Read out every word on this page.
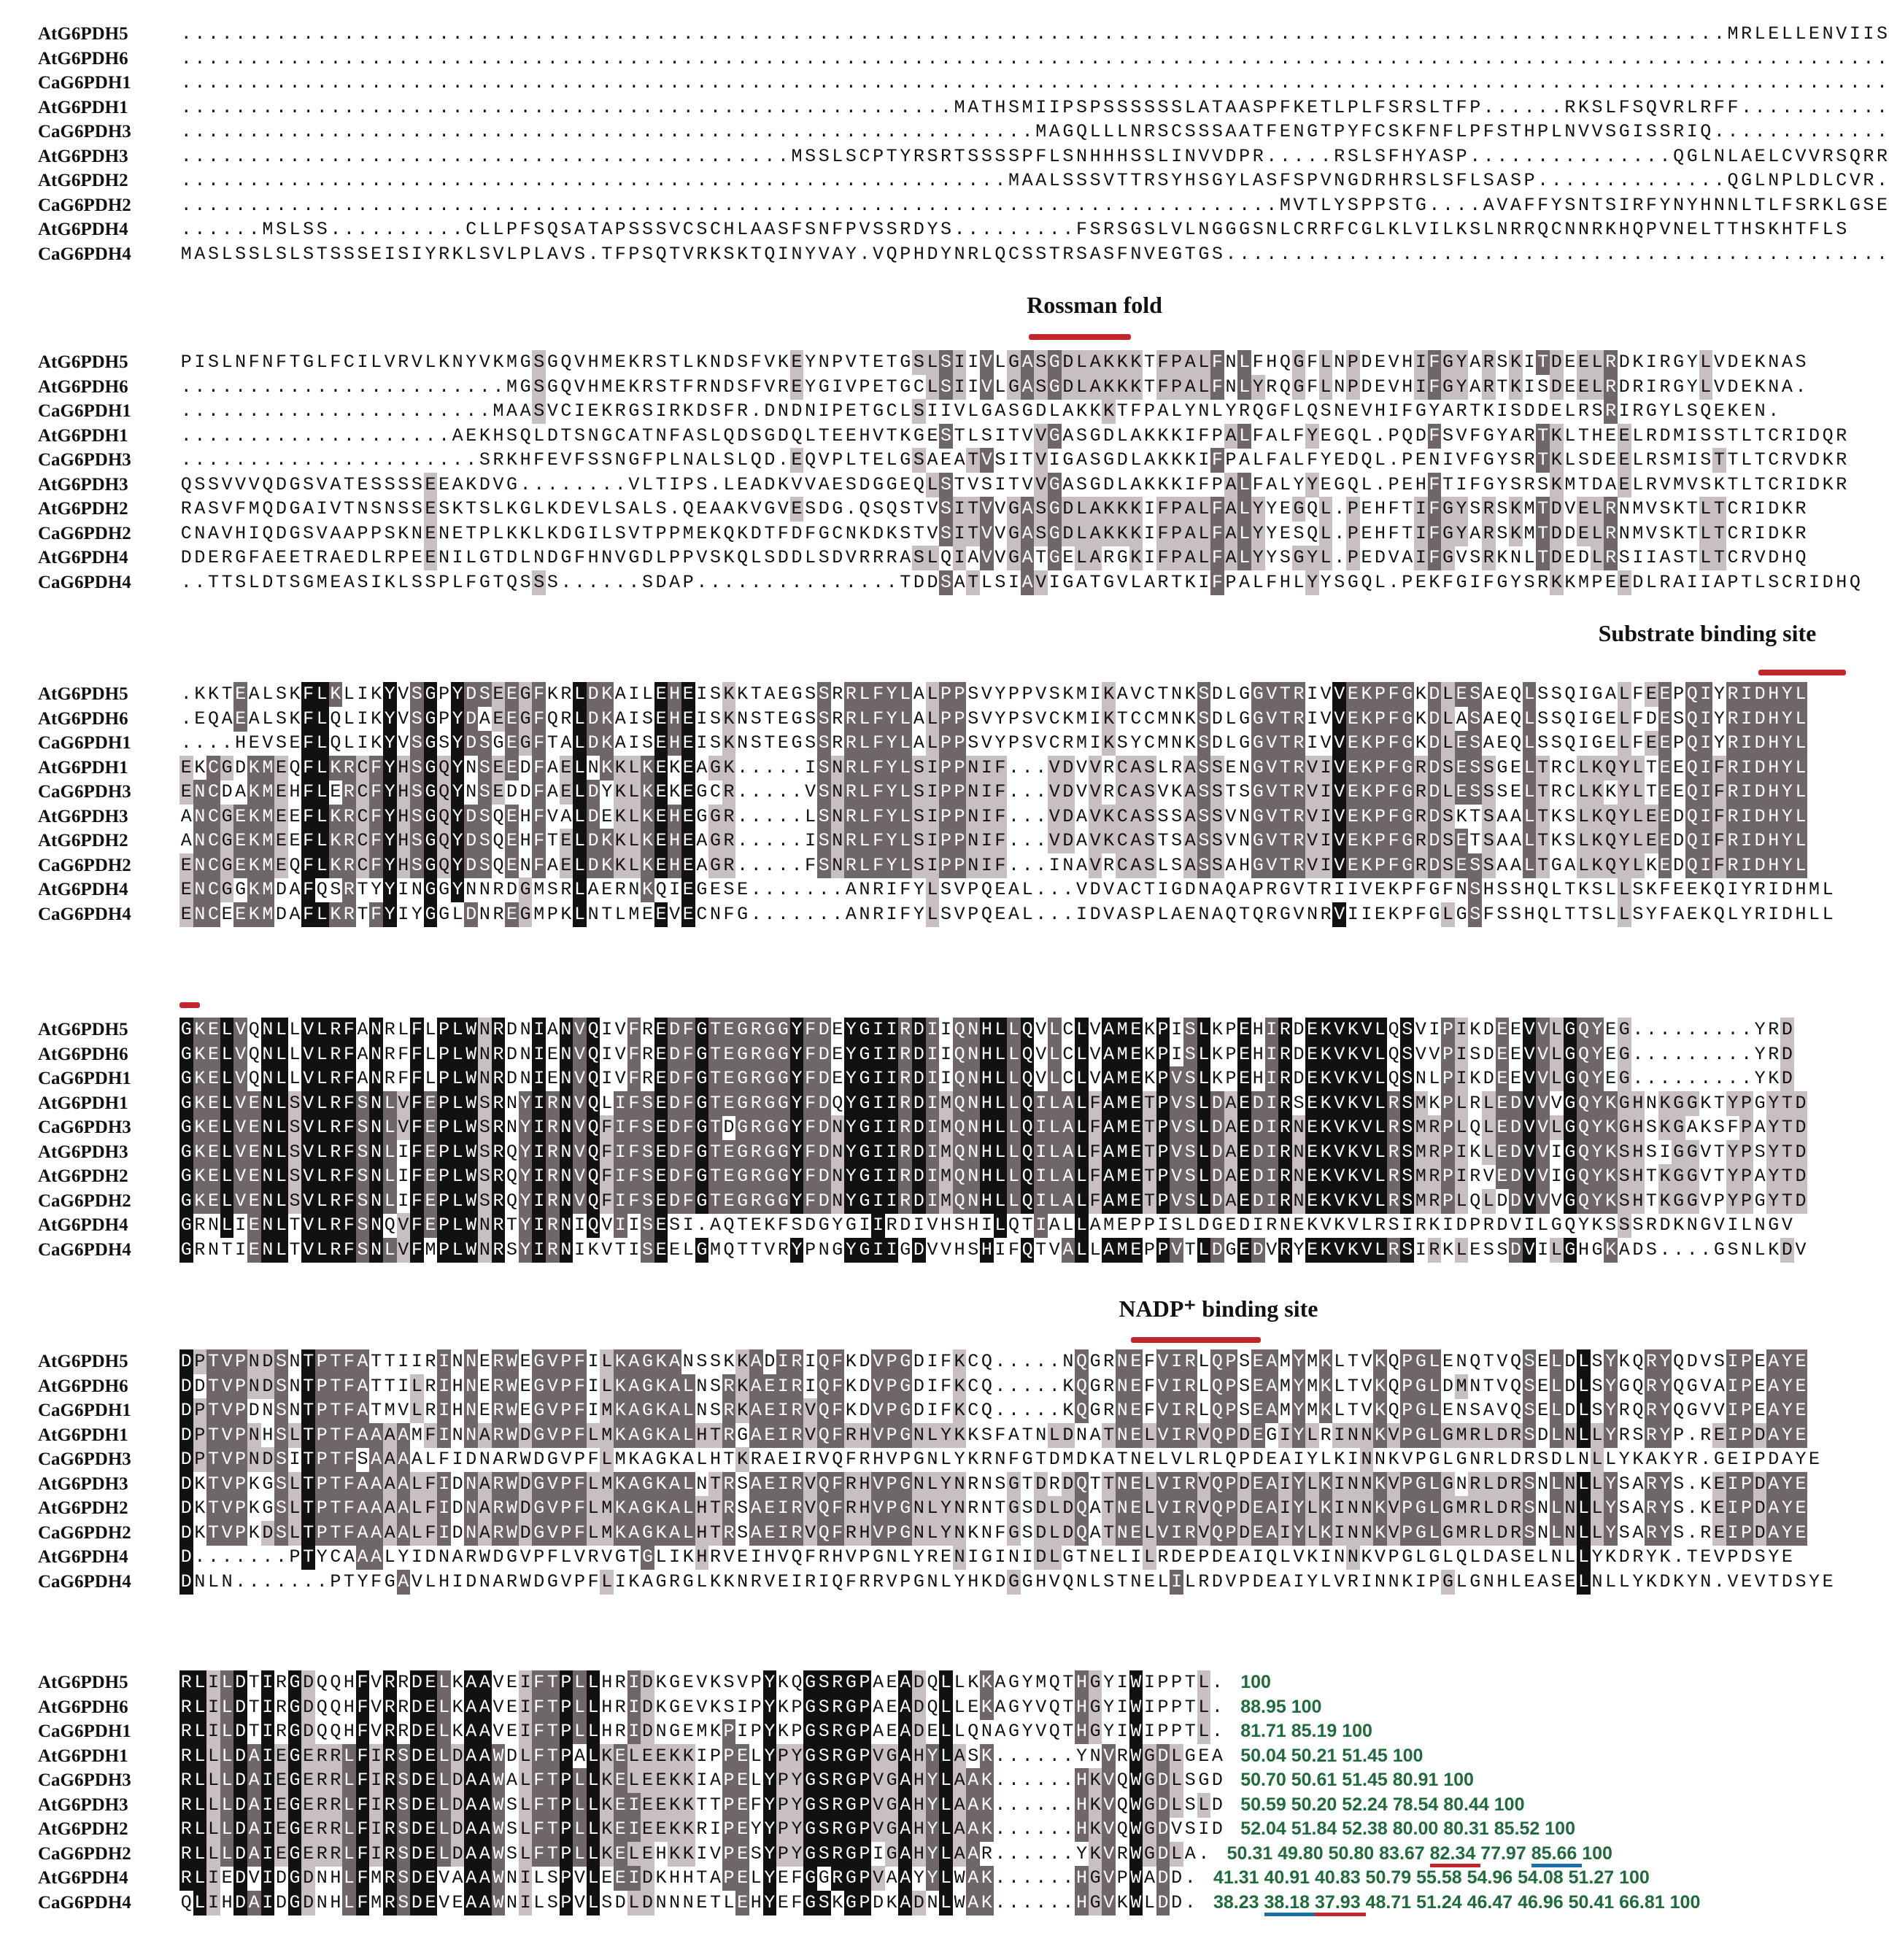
AtG6PDH5	. . . . . . . . . . . . . . . . . . . . . . . . . . . . . . . . . . . . . . . . . . . . . . . . . . . . . . . . . . . . . . . . . . . . . . . . . . . . . . . . . . . . . . . . . . . . . . . . . . . . . . . . . . . . . . . . . . M R L E L L E N V I I S
AtG6PDH6	. . . . . . . . . . . . . . . . . . . . . . . . . . . . . . . . . . . . . . . . . . . . . . . . . . . . . . . . . . . . . . . . . . . . . . . . . . . . . . . . . . . . . . . . . . . . . . . . . . . . . . . . . . . . . . . . . . . . . . . . . . . . . .
CaG6PDH1	. . . . . . . . . . . . . . . . . . . . . . . . . . . . . . . . . . . . . . . . . . . . . . . . . . . . . . . . . . . . . . . . . . . . . . . . . . . . . . . . . . . . . . . . . . . . . . . . . . . . . . . . . . . . . . . . . . . . . . . . . . . . . .
AtG6PDH1	. . . . . . . . . . . . . . . . . . . . . . . . . . . . . . . . . . . . . . . . . . . . . . . . . . . . . . . . . M A T H S M I I P S P S S S S S S L A T A A S P F K E T L P L F S R S L T F P . . . . . . R K S L F S Q V R L R F F . . . . . . . . . . .
CaG6PDH3	. . . . . . . . . . . . . . . . . . . . . . . . . . . . . . . . . . . . . . . . . . . . . . . . . . . . . . . . . . . . . . . M A G Q L L L N R S C S S S A A T F E N G T P Y F C S K F N F L P F S T H P L N V V S G I S S R I Q . . . . . . . . . . . . .
AtG6PDH3	. . . . . . . . . . . . . . . . . . . . . . . . . . . . . . . . . . . . . . . . . . . . . M S S L S C P T Y R S R T S S S S P F L S N H H H S S L I N V V D P R . . . . . R S L S F H Y A S P . . . . . . . . . . . . . . . Q G L N L A E L C V V R S Q R R
AtG6PDH2	. . . . . . . . . . . . . . . . . . . . . . . . . . . . . . . . . . . . . . . . . . . . . . . . . . . . . . . . . . . . . M A A L S S S V T T R S Y H S G Y L A S F S P V N G D R H R S L S F L S A S P . . . . . . . . . . . . . . Q G L N P L D L C V R .
CaG6PDH2	. . . . . . . . . . . . . . . . . . . . . . . . . . . . . . . . . . . . . . . . . . . . . . . . . . . . . . . . . . . . . . . . . . . . . . . . . . . . . . . . . M V T L Y S P P S T G . . . . A V A F F Y S N T S I R F Y N Y H N N L T L F S R K L G S E
AtG6PDH4	. . . . . . M S L S S . . . . . . . . . . C L L P F S Q S A T A P S S S V C S C H L A A S F S N F P V S S R D Y S . . . . . . . . . F S R S G S L V L N G G G S N L C R R F C G L K L V I L K S L N R R Q C N N R K H Q P V N E L T T H S K H T F L S
CaG6PDH4	M A S L S S L S L S T S S S E I S I Y R K L S V L P L A V S . T F P S Q T V R K S K T Q I N Y V A Y . V Q P H D Y N R L Q C S S T R S A S F N V E G T G S . . . . . . . . . . . . . . . . . . . . . . . . . . . . . . . . . . . . . . . . . . . . . . . . .
AtG6PDH5	P I S L N F N F T G L F C I L V R V L K N Y V K M G S G Q V H M E K R S T L K N D S F V K E Y N P V T E T G S L S I I V L G A S G D L A K K K T F P A L F N L F H Q G F L N P D E V H I F G Y A R S K I T D E E L R D K I R G Y L V D E K N A S
AtG6PDH6	. . . . . . . . . . . . . . . . . . . . . . . . M G S G Q V H M E K R S T F R N D S F V R E Y G I V P E T G C L S I I V L G A S G D L A K K K T F P A L F N L Y R Q G F L N P D E V H I F G Y A R T K I S D E E L R D R I R G Y L V D E K N A .
CaG6PDH1	. . . . . . . . . . . . . . . . . . . . . . . M A A S V C I E K R G S I R K D S F R . D N D N I P E T G C L S I I V L G A S G D L A K K K T F P A L Y N L Y R Q G F L Q S N E V H I F G Y A R T K I S D D E L R S R I R G Y L S Q E K E N .
AtG6PDH1	. . . . . . . . . . . . . . . . . . . . A E K H S Q L D T S N G C A T N F A S L Q D S G D Q L T E E H V T K G E S T L S I T V V G A S G D L A K K K I F P A L F A L F Y E G Q L . P Q D F S V F G Y A R T K L T H E E L R D M I S S T L T C R I D Q R
CaG6PDH3	. . . . . . . . . . . . . . . . . . . . . . S R K H F E V F S S N G F P L N A L S L Q D . E Q V P L T E L G S A E A T V S I T V I G A S G D L A K K K I F P A L F A L F Y E D Q L . P E N I V F G Y S R T K L S D E E L R S M I S T T L T C R V D K R
AtG6PDH3	Q S S V V V Q D G S V A T E S S S S E E A K D V G . . . . . . . . V L T I P S . L E A D K V V A E S D G G E Q L S T V S I T V V G A S G D L A K K K I F P A L F A L Y Y E G Q L . P E H F T I F G Y S R S K M T D A E L R V M V S K T L T C R I D K R
AtG6PDH2	R A S V F M Q D G A I V T N S N S S E S K T S L K G L K D E V L S A L S . Q E A A K V G V E S D G . Q S Q S T V S I T V V G A S G D L A K K K I F P A L F A L Y Y E G Q L . P E H F T I F G Y S R S K M T D V E L R N M V S K T L T C R I D K R
CaG6PDH2	C N A V H I Q D G S V A A P P S K N E N E T P L K K L K D G I L S V T P P M E K Q K D T F D F G C N K D K S T V S I T V V G A S G D L A K K K I F P A L F A L Y Y E S Q L . P E H F T I F G Y A R S K M T D D E L R N M V S K T L T C R I D K R
AtG6PDH4	D D E R G F A E E T R A E D L R P E E N I L G T D L N D G F H N V G D L P P V S K Q L S D D L S D V R R R A S L Q I A V V G A T G E L A R G K I F P A L F A L Y Y S G Y L . P E D V A I F G V S R K N L T D E D L R S I I A S T L T C R V D H Q
CaG6PDH4	. . T T S L D T S G M E A S I K L S S P L F G T Q S S S . . . . . . S D A P . . . . . . . . . . . . . . . T D D S A T L S I A V I G A T G V L A R T K I F P A L F H L Y Y S G Q L . P E K F G I F G Y S R K K M P E E D L R A I I A P T L S C R I D H Q
AtG6PDH5	. K K T E A L S K F L K L I K Y V S G P Y D S E E G F K R L D K A I L E H E I S K K T A E G S S R R L F Y L A L P P S V Y P P V S K M I K A V C T N K S D L G G V T R I V V E K P F G K D L E S A E Q L S S Q I G A L F E E P Q I Y R I D H Y L
AtG6PDH6	. E Q A E A L S K F L Q L I K Y V S G P Y D A E E G F Q R L D K A I S E H E I S K N S T E G S S R R L F Y L A L P P S V Y P S V C K M I K T C C M N K S D L G G V T R I V V E K P F G K D L A S A E Q L S S Q I G E L F D E S Q I Y R I D H Y L
CaG6PDH1	. . . . H E V S E F L Q L I K Y V S G S Y D S G E G F T A L D K A I S E H E I S K N S T E G S S R R L F Y L A L P P S V Y P S V C R M I K S Y C M N K S D L G G V T R I V V E K P F G K D L E S A E Q L S S Q I G E L F E E P Q I Y R I D H Y L
AtG6PDH1	E K C G D K M E Q F L K R C F Y H S G Q Y N S E E D F A E L N K K L K E K E A G K . . . . . I S N R L F Y L S I P P N I F . . . V D V V R C A S L R A S S E N G V T R V I V E K P F G R D S E S S G E L T R C L K Q Y L T E E Q I F R I D H Y L
CaG6PDH3	E N C D A K M E H F L E R C F Y H S G Q Y N S E D D F A E L D Y K L K E K E G C R . . . . . V S N R L F Y L S I P P N I F . . . V D V V R C A S V K A S S T S G V T R V I V E K P F G R D L E S S S E L T R C L K K Y L T E E Q I F R I D H Y L
AtG6PDH3	A N C G E K M E E F L K R C F Y H S G Q Y D S Q E H F V A L D E K L K E H E G G R . . . . . L S N R L F Y L S I P P N I F . . . V D A V K C A S S S A S S V N G V T R V I V E K P F G R D S K T S A A L T K S L K Q Y L E E D Q I F R I D H Y L
AtG6PDH2	A N C G E K M E E F L K R C F Y H S G Q Y D S Q E H F T E L D K K L K E H E A G R . . . . . I S N R L F Y L S I P P N I F . . . V D A V K C A S T S A S S V N G V T R V I V E K P F G R D S E T S A A L T K S L K Q Y L E E D Q I F R I D H Y L
CaG6PDH2	E N C G E K M E Q F L K R C F Y H S G Q Y D S Q E N F A E L D K K L K E H E A G R . . . . . F S N R L F Y L S I P P N I F . . . I N A V R C A S L S A S S A H G V T R V I V E K P F G R D S E S S A A L T G A L K Q Y L K E D Q I F R I D H Y L
AtG6PDH4	E N C G G K M D A F Q S R T Y Y I N G G Y N N R D G M S R L A E R N K Q I E G E S E . . . . . . . A N R I F Y L S V P Q E A L . . . V D V A C T I G D N A Q A P R G V T R I I V E K P F G F N S H S S H Q L T K S L L S K F E E K Q I Y R I D H M L
CaG6PDH4	E N C E E K M D A F L K R T F Y I Y G G L D N R E G M P K L N T L M E E V E C N F G . . . . . . . A N R I F Y L S V P Q E A L . . . I D V A S P L A E N A Q T Q R G V N R V I I E K P F G L G S F S S H Q L T T S L L S Y F A E K Q L Y R I D H L L
AtG6PDH5	G K E L V Q N L L V L R F A N R L F L P L W N R D N I A N V Q I V F R E D F G T E G R G G Y F D E Y G I I R D I I Q N H L L Q V L C L V A M E K P I S L K P E H I R D E K V K V L Q S V I P I K D E E V V L G Q Y E G . . . . . . . . . Y R D
AtG6PDH6	G K E L V Q N L L V L R F A N R F F L P L W N R D N I E N V Q I V F R E D F G T E G R G G Y F D E Y G I I R D I I Q N H L L Q V L C L V A M E K P I S L K P E H I R D E K V K V L Q S V V P I S D E E V V L G Q Y E G . . . . . . . . . Y R D
CaG6PDH1	G K E L V Q N L L V L R F A N R F F L P L W N R D N I E N V Q I V F R E D F G T E G R G G Y F D E Y G I I R D I I Q N H L L Q V L C L V A M E K P V S L K P E H I R D E K V K V L Q S N L P I K D E E V V L G Q Y E G . . . . . . . . . Y K D
AtG6PDH1	G K E L V E N L S V L R F S N L V F E P L W S R N Y I R N V Q L I F S E D F G T E G R G G Y F D Q Y G I I R D I M Q N H L L Q I L A L F A M E T P V S L D A E D I R S E K V K V L R S M K P L R L E D V V V G Q Y K G H N K G G K T Y P G Y T D
CaG6PDH3	G K E L V E N L S V L R F S N L V F E P L W S R N Y I R N V Q F I F S E D F G T D G R G G Y F D N Y G I I R D I M Q N H L L Q I L A L F A M E T P V S L D A E D I R N E K V K V L R S M R P L Q L E D V V L G Q Y K G H S K G A K S F P A Y T D
AtG6PDH3	G K E L V E N L S V L R F S N L I F E P L W S R Q Y I R N V Q F I F S E D F G T E G R G G Y F D N Y G I I R D I M Q N H L L Q I L A L F A M E T P V S L D A E D I R N E K V K V L R S M R P I K L E D V V I G Q Y K S H S I G G V T Y P S Y T D
AtG6PDH2	G K E L V E N L S V L R F S N L I F E P L W S R Q Y I R N V Q F I F S E D F G T E G R G G Y F D N Y G I I R D I M Q N H L L Q I L A L F A M E T P V S L D A E D I R N E K V K V L R S M R P I R V E D V V I G Q Y K S H T K G G V T Y P A Y T D
CaG6PDH2	G K E L V E N L S V L R F S N L I F E P L W S R Q Y I R N V Q F I F S E D F G T E G R G G Y F D N Y G I I R D I M Q N H L L Q I L A L F A M E T P V S L D A E D I R N E K V K V L R S M R P L Q L D D V V V G Q Y K S H T K G G V P Y P G Y T D
AtG6PDH4	G R N L I E N L T V L R F S N Q V F E P L W N R T Y I R N I Q V I I S E S I . A Q T E K F S D G Y G I I R D I V H S H I L Q T I A L L A M E P P I S L D G E D I R N E K V K V L R S I R K I D P R D V I L G Q Y K S S S R D K N G V I L N G V
CaG6PDH4	G R N T I E N L T V L R F S N L V F M P L W N R S Y I R N I K V T I S E E L G M Q T T V R Y P N G Y G I I G D V V H S H I F Q T V A L L A M E P P V T L D G E D V R Y E K V K V L R S I R K L E S S D V I L G H G K A D S . . . . G S N L K D V
AtG6PDH5	D P T V P N D S N T P T F A T T I I R I N N E R W E G V P F I L K A G K A N S S K K A D I R I Q F K D V P G D I F K C Q . . . . . N Q G R N E F V I R L Q P S E A M Y M K L T V K Q P G L E N Q T V Q S E L D L S Y K Q R Y Q D V S I P E A Y E
AtG6PDH6	D D T V P N D S N T P T F A T T I L R I H N E R W E G V P F I L K A G K A L N S R K A E I R I Q F K D V P G D I F K C Q . . . . . K Q G R N E F V I R L Q P S E A M Y M K L T V K Q P G L D M N T V Q S E L D L S Y G Q R Y Q G V A I P E A Y E
CaG6PDH1	D P T V P D N S N T P T F A T M V L R I H N E R W E G V P F I M K A G K A L N S R K A E I R V Q F K D V P G D I F K C Q . . . . . K Q G R N E F V I R L Q P S E A M Y M K L T V K Q P G L E N S A V Q S E L D L S Y R Q R Y Q G V V I P E A Y E
AtG6PDH1	D P T V P N H S L T P T F A A A A M F I N N A R W D G V P F L M K A G K A L H T R G A E I R V Q F R H V P G N L Y K K S F A T N L D N A T N E L V I R V Q P D E G I Y L R I N N K V P G L G M R L D R S D L N L L Y R S R Y P . R E I P D A Y E
CaG6PDH3	D P T V P N D S I T P T F S A A A A L F I D N A R W D G V P F L M K A G K A L H T K R A E I R V Q F R H V P G N L Y K R N F G T D M D K A T N E L V L R L Q P D E A I Y L K I N N K V P G L G N R L D R S D L N L L Y K A K Y R . G E I P D A Y E
AtG6PDH3	D K T V P K G S L T P T F A A A A L F I D N A R W D G V P F L M K A G K A L N T R S A E I R V Q F R H V P G N L Y N R N S G T D R D Q T T N E L V I R V Q P D E A I Y L K I N N K V P G L G N R L D R S N L N L L Y S A R Y S . K E I P D A Y E
AtG6PDH2	D K T V P K G S L T P T F A A A A L F I D N A R W D G V P F L M K A G K A L H T R S A E I R V Q F R H V P G N L Y N R N T G S D L D Q A T N E L V I R V Q P D E A I Y L K I N N K V P G L G M R L D R S N L N L L Y S A R Y S . K E I P D A Y E
CaG6PDH2	D K T V P K D S L T P T F A A A A L F I D N A R W D G V P F L M K A G K A L H T R S A E I R V Q F R H V P G N L Y N K N F G S D L D Q A T N E L V I R V Q P D E A I Y L K I N N K V P G L G M R L D R S N L N L L Y S A R Y S . R E I P D A Y E
AtG6PDH4	D . . . . . . . P T Y C A A A L Y I D N A R W D G V P F L V R V G T G L I K H R V E I H V Q F R H V P G N L Y R E N I G I N I D L G T N E L I L R D E P D E A I Q L V K I N N K V P G L G L Q L D A S E L N L L Y K D R Y K . T E V P D S Y E
CaG6PDH4	D N L N . . . . . . . P T Y F G A V L H I D N A R W D G V P F L I K A G R G L K K N R V E I R I Q F R R V P G N L Y H K D G G H V Q N L S T N E L I L R D V P D E A I Y L V R I N N K I P G L G N H L E A S E L N L L Y K D K Y N . V E V T D S Y E
AtG6PDH5	R L I L D T I R G D Q Q H F V R R D E L K A A V E I F T P L L H R I D K G E V K S V P Y K Q G S R G P A E A D Q L L K K A G Y M Q T H G Y I W I P P T L . 100
AtG6PDH6	R L I L D T I R G D Q Q H F V R R D E L K A A V E I F T P L L H R I D K G E V K S I P Y K P G S R G P A E A D Q L L E K A G Y V Q T H G Y I W I P P T L . 88.95 100
CaG6PDH1	R L I L D T I R G D Q Q H F V R R D E L K A A V E I F T P L L H R I D N G E M K P I P Y K P G S R G P A E A D E L L Q N A G Y V Q T H G Y I W I P P T L . 81.71 85.19 100
AtG6PDH1	R L L L D A I E G E R R L F I R S D E L D A A W D L F T P A L K E L E E K K I P P E L Y P Y G S R G P V G A H Y L A S K . . . . . . Y N V R W G D L G E A 50.04 50.21 51.45 100
CaG6PDH3	R L L L D A I E G E R R L F I R S D E L D A A W A L F T P L L K E L E E K K I A P E L Y P Y G S R G P V G A H Y L A A K . . . . . . H K V Q W G D L S G D 50.70 50.61 51.45 80.91 100
AtG6PDH3	R L L L D A I E G E R R L F I R S D E L D A A W S L F T P L L K E I E E K K T T P E F Y P Y G S R G P V G A H Y L A A K . . . . . . H K V Q W G D L S L D 50.59 50.20 52.24 78.54 80.44 100
AtG6PDH2	R L L L D A I E G E R R L F I R S D E L D A A W S L F T P L L K E I E E K K R I P E Y Y P Y G S R G P V G A H Y L A A K . . . . . . H K V Q W G D V S I D 52.04 51.84 52.38 80.00 80.31 85.52 100
CaG6PDH2	R L L L D A I E G E R R L F I R S D E L D A A W S L F T P L L K E L E H K K I V P E S Y P Y G S R G P I G A H Y L A A R . . . . . . Y K V R W G D L A . 50.31 49.80 50.80 83.67 82.34 77.97 85.66 100
AtG6PDH4	R L I E D V I D G D N H L F M R S D E V A A A W N I L S P V L E E I D K H H T A P E L Y E F G G R G P V A A Y Y L W A K . . . . . . H G V P W A D D . 41.31 40.91 40.83 50.79 55.58 54.96 54.08 51.27 100
CaG6PDH4	Q L I H D A I D G D N H L F M R S D E V E A A W N I L S P V L S D L D N N N E T L E H Y E F G S K G P D K A D N L W A K . . . . . . H G V K W L D D . 38.23 38.18 37.93 48.71 51.24 46.47 46.96 50.41 66.81 100
Rossman fold
Substrate binding site
NADP⁺ binding site
